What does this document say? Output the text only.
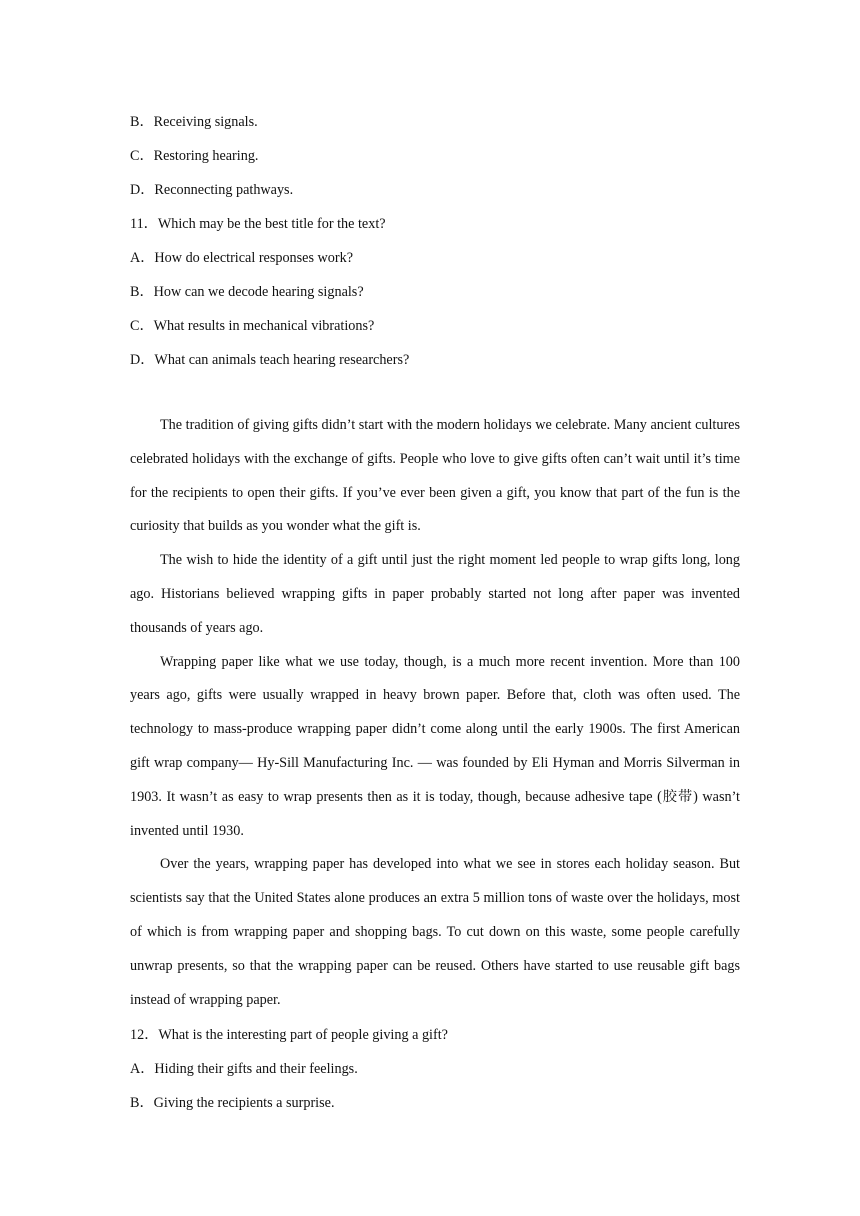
B．Receiving signals.
C．Restoring hearing.
D．Reconnecting pathways.
11．Which may be the best title for the text?
A．How do electrical responses work?
B．How can we decode hearing signals?
C．What results in mechanical vibrations?
D．What can animals teach hearing researchers?
The tradition of giving gifts didn’t start with the modern holidays we celebrate. Many ancient cultures celebrated holidays with the exchange of gifts. People who love to give gifts often can’t wait until it’s time for the recipients to open their gifts. If you’ve ever been given a gift, you know that part of the fun is the curiosity that builds as you wonder what the gift is.
The wish to hide the identity of a gift until just the right moment led people to wrap gifts long, long ago. Historians believed wrapping gifts in paper probably started not long after paper was invented thousands of years ago.
Wrapping paper like what we use today, though, is a much more recent invention. More than 100 years ago, gifts were usually wrapped in heavy brown paper. Before that, cloth was often used. The technology to mass-produce wrapping paper didn’t come along until the early 1900s. The first American gift wrap company— Hy-Sill Manufacturing Inc. — was founded by Eli Hyman and Morris Silverman in 1903. It wasn’t as easy to wrap presents then as it is today, though, because adhesive tape (胶带) wasn’t invented until 1930.
Over the years, wrapping paper has developed into what we see in stores each holiday season. But scientists say that the United States alone produces an extra 5 million tons of waste over the holidays, most of which is from wrapping paper and shopping bags. To cut down on this waste, some people carefully unwrap presents, so that the wrapping paper can be reused. Others have started to use reusable gift bags instead of wrapping paper.
12．What is the interesting part of people giving a gift?
A．Hiding their gifts and their feelings.
B．Giving the recipients a surprise.
